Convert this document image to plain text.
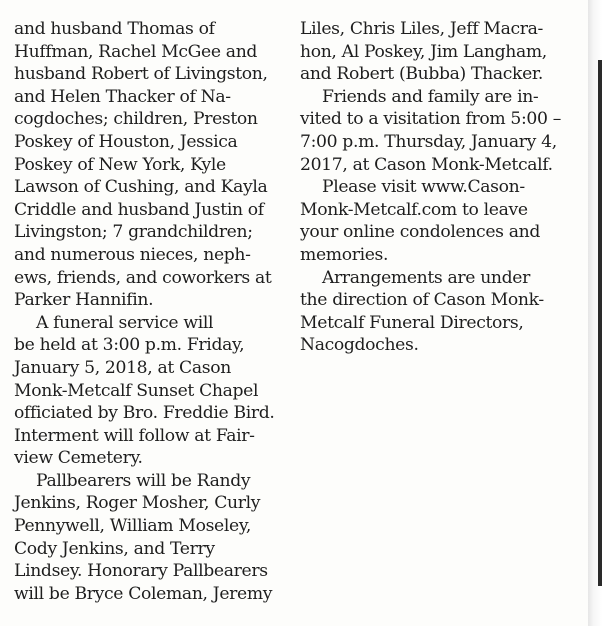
and husband Thomas of
Huffman, Rachel McGee and
husband Robert of Livingston,
and Helen Thacker of Na-
cogdoches; children, Preston
Poskey of Houston, Jessica
Poskey of New York, Kyle
Lawson of Cushing, and Kayla
Criddle and husband Justin of
Livingston; 7 grandchildren;
and numerous nieces, neph-
ews, friends, and coworkers at
Parker Hannifin.
A funeral service will
be held at 3:00 p.m. Friday,
January 5, 2018, at Cason
Monk-Metcalf Sunset Chapel
officiated by Bro. Freddie Bird.
Interment will follow at Fair-
view Cemetery.
Pallbearers will be Randy
Jenkins, Roger Mosher, Curly
Pennywell, William Moseley,
Cody Jenkins, and Terry
Lindsey. Honorary Pallbearers
will be Bryce Coleman, Jeremy
Liles, Chris Liles, Jeff Macra-
hon, Al Poskey, Jim Langham,
and Robert (Bubba) Thacker.
Friends and family are in-
vited to a visitation from 5:00 –
7:00 p.m. Thursday, January 4,
2017, at Cason Monk-Metcalf.
Please visit www.Cason-
Monk-Metcalf.com to leave
your online condolences and
memories.
Arrangements are under
the direction of Cason Monk-
Metcalf Funeral Directors,
Nacogdoches.
